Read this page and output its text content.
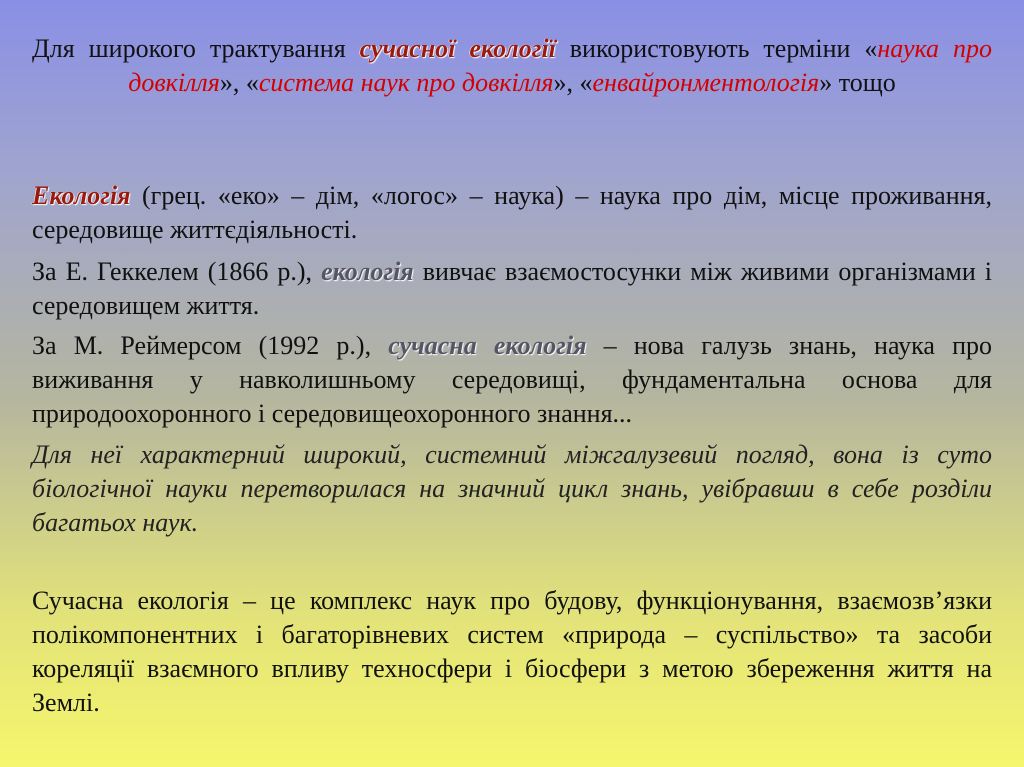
Для широкого трактування сучасної екології використовують терміни «наука про довкілля», «система наук про довкілля», «енвайронментологія» тощо

Екологія (грец. «еко» – дім, «логос» – наука) – наука про дім, місце проживання, середовище життєдіяльності.

За Е. Геккелем (1866 р.), екологія вивчає взаємостосунки між живими організмами і середовищем життя.

За М. Реймерсом (1992 р.), сучасна екологія – нова галузь знань, наука про виживання у навколишньому середовищі, фундаментальна основа для природоохоронного і середовищеохоронного знання...

Для неї характерний широкий, системний міжгалузевий погляд, вона із суто біологічної науки перетворилася на значний цикл знань, увібравши в себе розділи багатьох наук.

Сучасна екологія – це комплекс наук про будову, функціонування, взаємозв’язки полікомпонентних і багаторівневих систем «природа – суспільство» та засоби кореляції взаємного впливу техносфери і біосфери з метою збереження життя на Землі.
